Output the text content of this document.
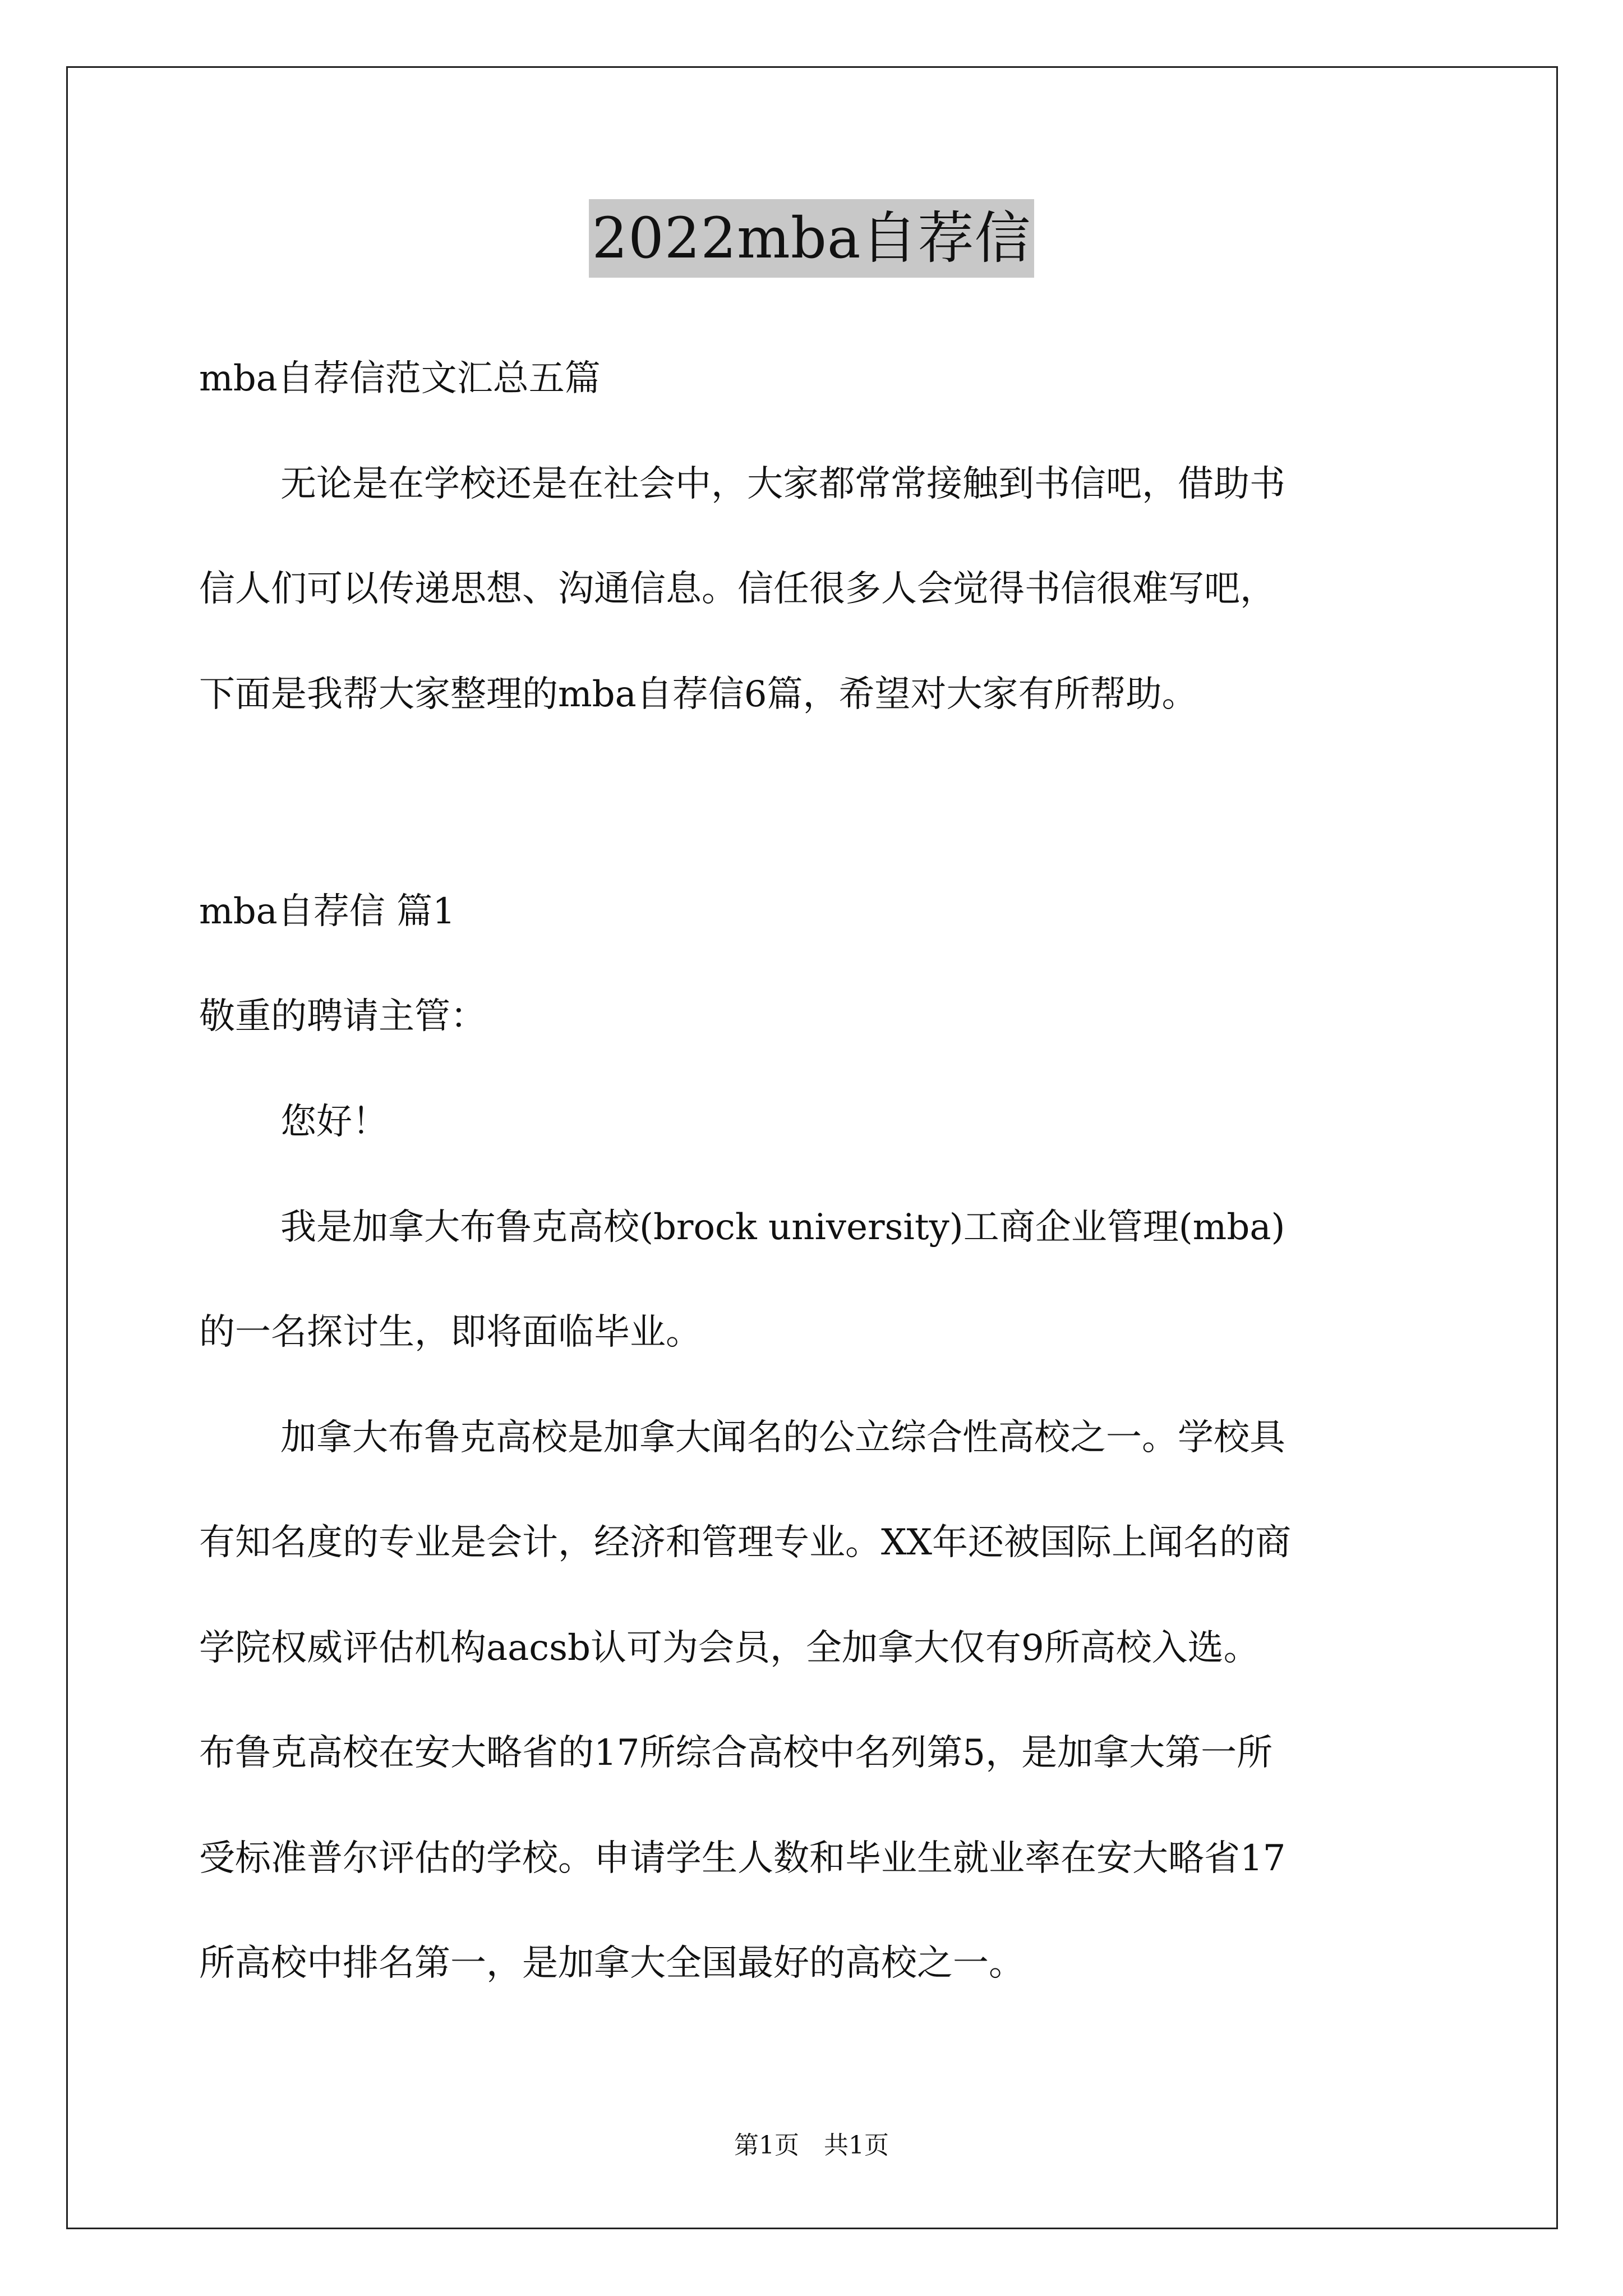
2022mba自荐信
mba自荐信范文汇总五篇
无论是在学校还是在社会中，大家都常常接触到书信吧，借助书
信人们可以传递思想、沟通信息。信任很多人会觉得书信很难写吧，
下面是我帮大家整理的mba自荐信6篇，希望对大家有所帮助。
mba自荐信 篇1
敬重的聘请主管：
您好！
我是加拿大布鲁克高校(brock university)工商企业管理(mba)
的一名探讨生，即将面临毕业。
加拿大布鲁克高校是加拿大闻名的公立综合性高校之一。学校具
有知名度的专业是会计，经济和管理专业。XX年还被国际上闻名的商
学院权威评估机构aacsb认可为会员，全加拿大仅有9所高校入选。
布鲁克高校在安大略省的17所综合高校中名列第5，是加拿大第一所
受标准普尔评估的学校。申请学生人数和毕业生就业率在安大略省17
所高校中排名第一，是加拿大全国最好的高校之一。
第1页　共1页
